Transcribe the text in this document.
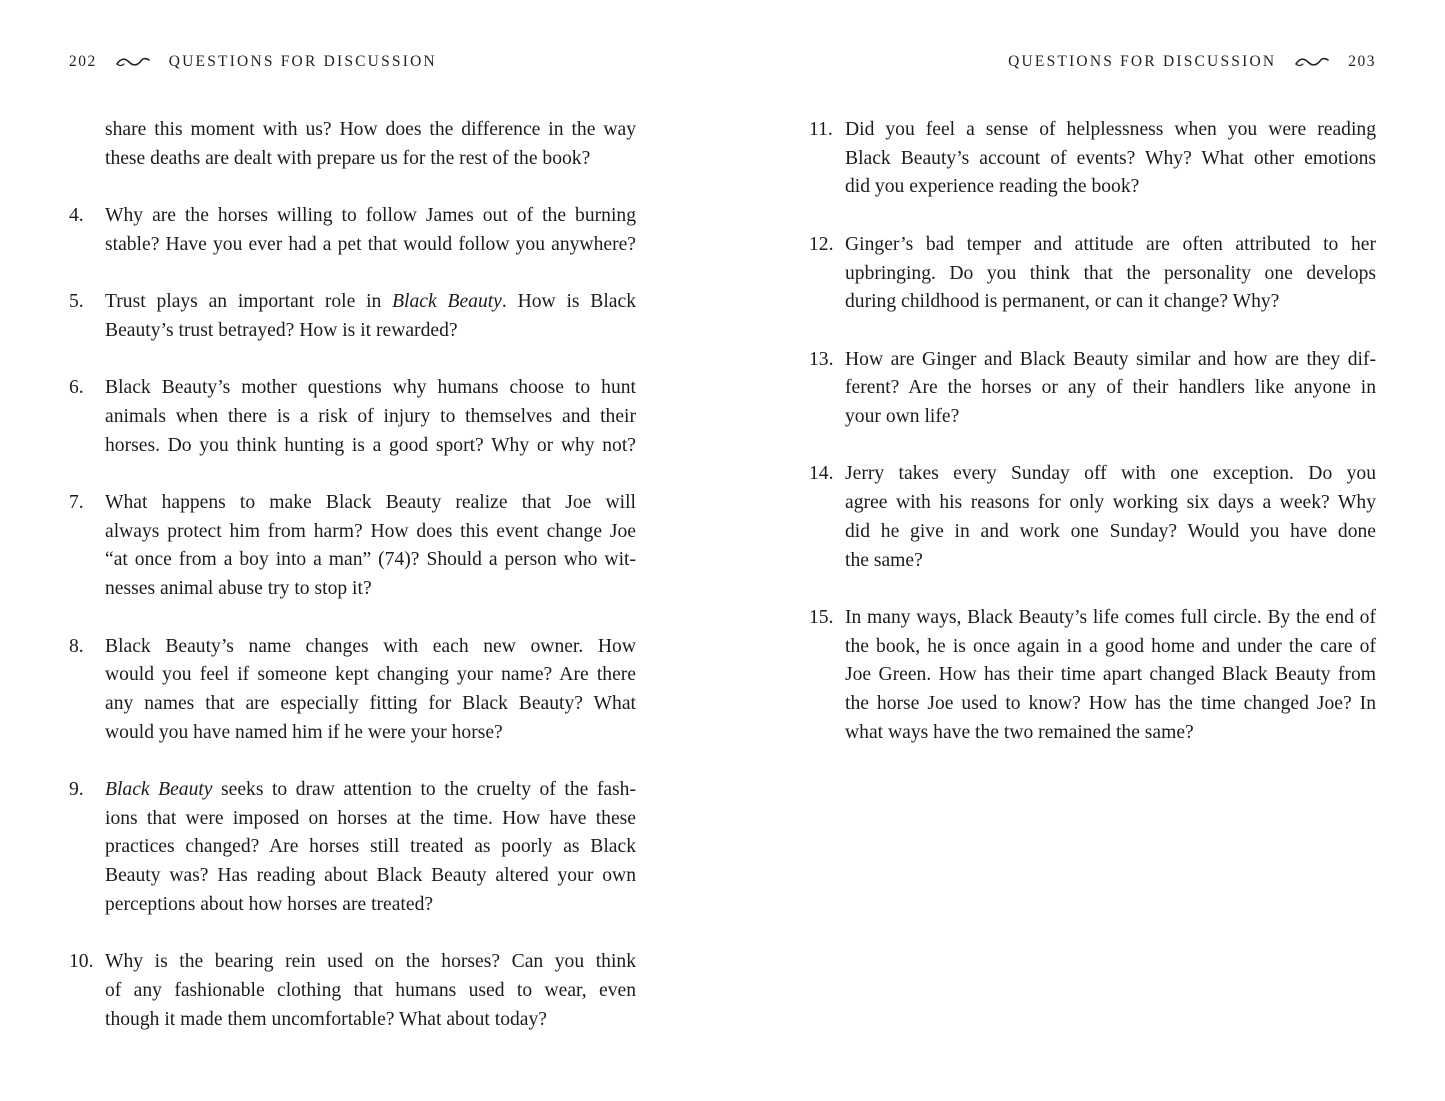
202	QUESTIONS FOR DISCUSSION

share this moment with us? How does the difference in the way
these deaths are dealt with prepare us for the rest of the book?

4. Why are the horses willing to follow James out of the burning
stable? Have you ever had a pet that would follow you anywhere?

5. Trust plays an important role in Black Beauty. How is Black
Beauty’s trust betrayed? How is it rewarded?

6. Black Beauty’s mother questions why humans choose to hunt
animals when there is a risk of injury to themselves and their
horses. Do you think hunting is a good sport? Why or why not?

7. What happens to make Black Beauty realize that Joe will
always protect him from harm? How does this event change Joe
“at once from a boy into a man” (74)? Should a person who wit-
nesses animal abuse try to stop it?

8. Black Beauty’s name changes with each new owner. How
would you feel if someone kept changing your name? Are there
any names that are especially fitting for Black Beauty? What
would you have named him if he were your horse?

9. Black Beauty seeks to draw attention to the cruelty of the fash-
ions that were imposed on horses at the time. How have these
practices changed? Are horses still treated as poorly as Black
Beauty was? Has reading about Black Beauty altered your own
perceptions about how horses are treated?

10. Why is the bearing rein used on the horses? Can you think
of any fashionable clothing that humans used to wear, even
though it made them uncomfortable? What about today?

QUESTIONS FOR DISCUSSION	203
11. Did you feel a sense of helplessness when you were reading
Black Beauty’s account of events? Why? What other emotions
did you experience reading the book?

12. Ginger’s bad temper and attitude are often attributed to her
upbringing. Do you think that the personality one develops
during childhood is permanent, or can it change? Why?

13. How are Ginger and Black Beauty similar and how are they dif-
ferent? Are the horses or any of their handlers like anyone in
your own life?

14. Jerry takes every Sunday off with one exception. Do you
agree with his reasons for only working six days a week? Why
did he give in and work one Sunday? Would you have done
the same?

15. In many ways, Black Beauty’s life comes full circle. By the end of
the book, he is once again in a good home and under the care of
Joe Green. How has their time apart changed Black Beauty from
the horse Joe used to know? How has the time changed Joe? In
what ways have the two remained the same?
